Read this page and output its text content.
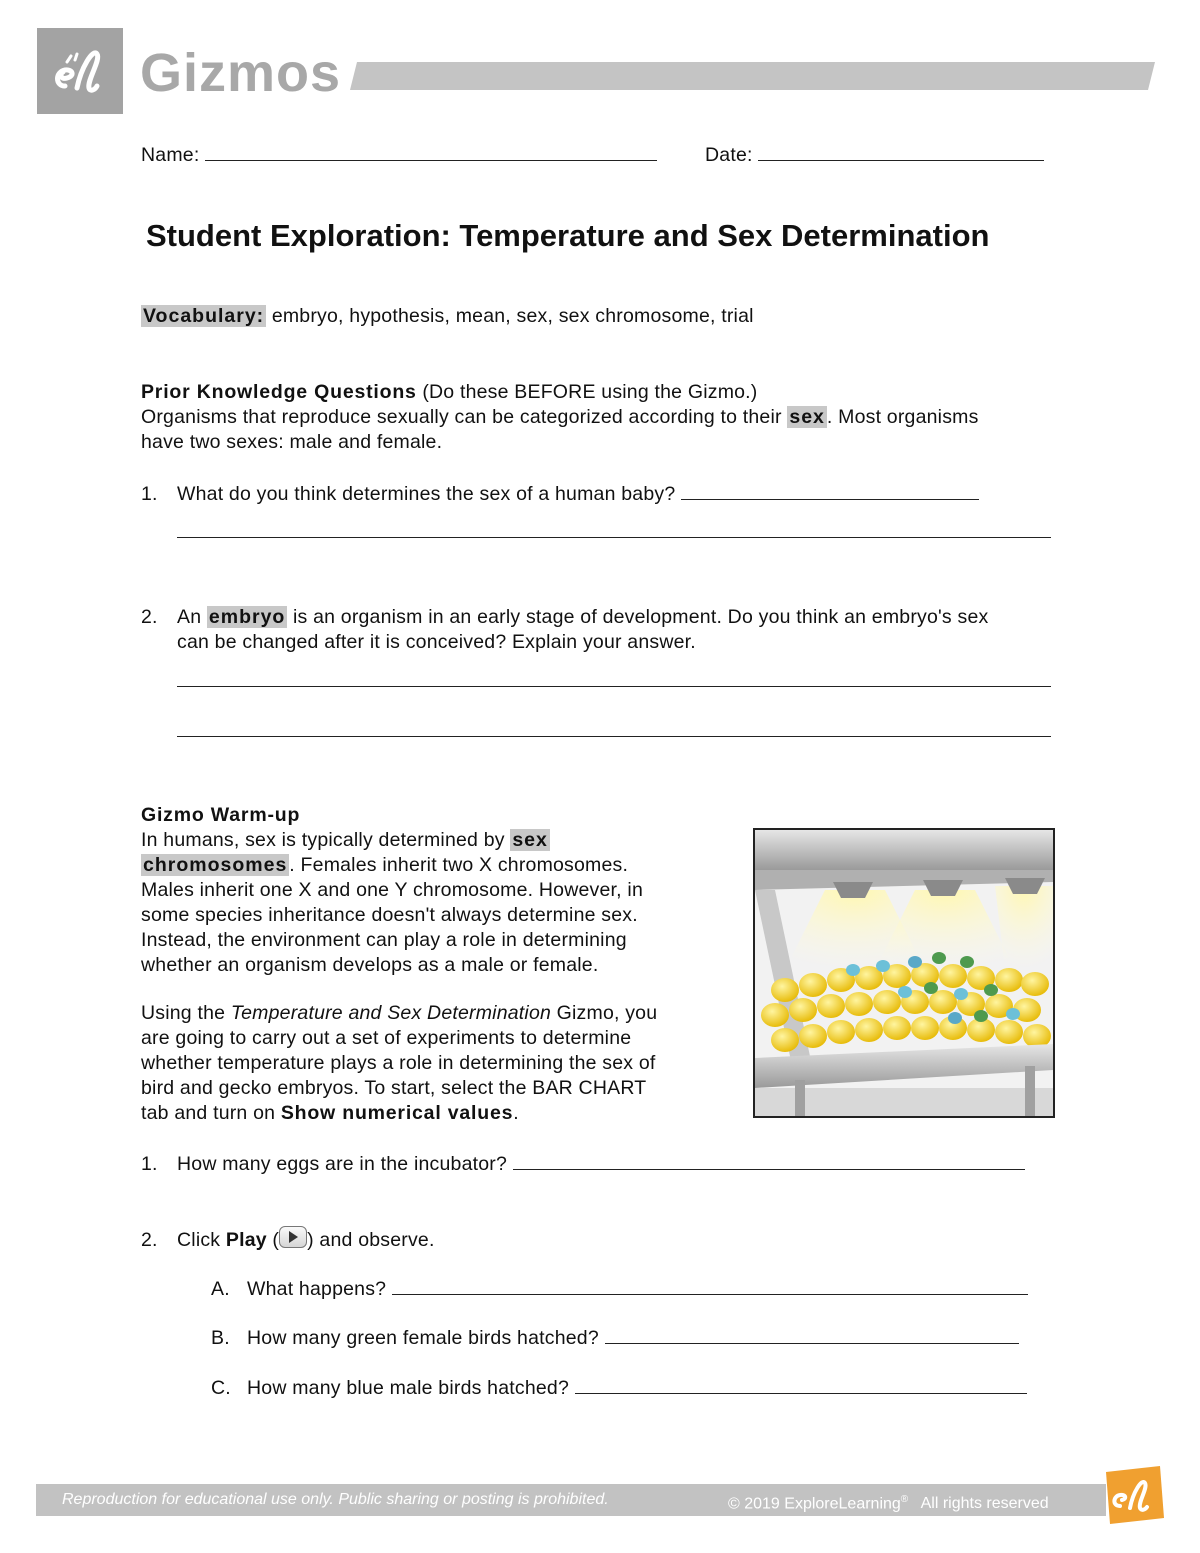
Gizmos
Name:	Date:
Student Exploration: Temperature and Sex Determination
Vocabulary: embryo, hypothesis, mean, sex, sex chromosome, trial
Prior Knowledge Questions (Do these BEFORE using the Gizmo.)
Organisms that reproduce sexually can be categorized according to their sex . Most organisms
have two sexes: male and female.
1. What do you think determines the sex of a human baby?
2. An embryo is an organism in an early stage of development. Do you think an embryo's sex
can be changed after it is conceived? Explain your answer.
Gizmo Warm-up
In humans, sex is typically determined by sex
chromosomes . Females inherit two X chromosomes.
Males inherit one X and one Y chromosome. However, in
some species inheritance doesn't always determine sex.
Instead, the environment can play a role in determining
whether an organism develops as a male or female.
Using the Temperature and Sex Determination Gizmo, you
are going to carry out a set of experiments to determine
whether temperature plays a role in determining the sex of
bird and gecko embryos. To start, select the BAR CHART
tab and turn on Show numerical values.
1. How many eggs are in the incubator?
2. Click Play ( ) and observe.
A. What happens?
B. How many green female birds hatched?
C. How many blue male birds hatched?
Reproduction for educational use only. Public sharing or posting is prohibited.	© 2019 ExploreLearning® All rights reserved
